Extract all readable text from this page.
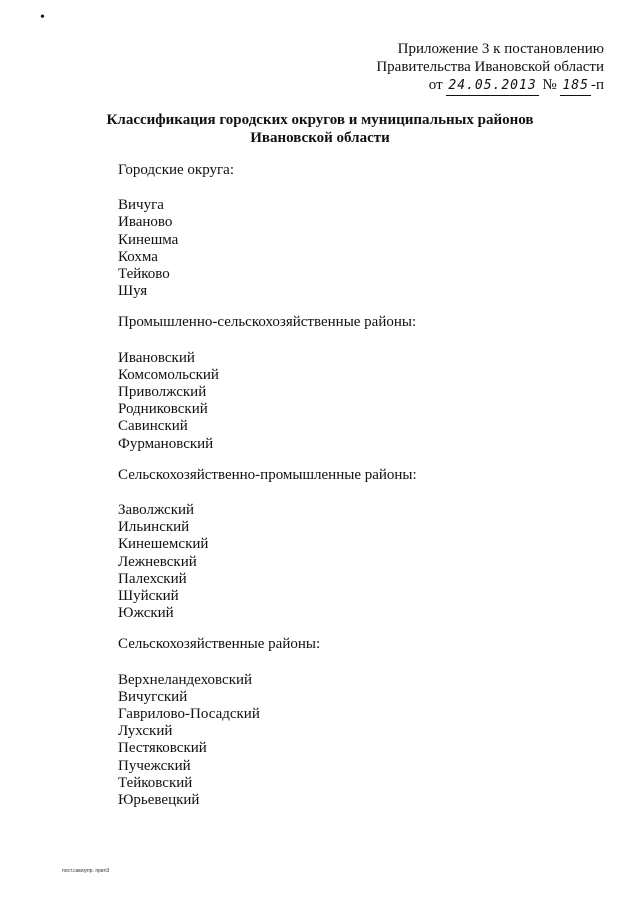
•
Приложение 3 к постановлению
Правительства Ивановской области
от 24.05.2013 № 185 -п
Классификация городских округов и муниципальных районов
Ивановской области
Городские округа:
Вичуга
Иваново
Кинешма
Кохма
Тейково
Шуя
Промышленно-сельскохозяйственные районы:
Ивановский
Комсомольский
Приволжский
Родниковский
Савинский
Фурмановский
Сельскохозяйственно-промышленные районы:
Заволжский
Ильинский
Кинешемский
Лежневский
Палехский
Шуйский
Южский
Сельскохозяйственные районы:
Верхнеландеховский
Вичугский
Гаврилово-Посадский
Лухский
Пестяковский
Пучежский
Тейковский
Юрьевецкий
пост.самоупр. прил3
